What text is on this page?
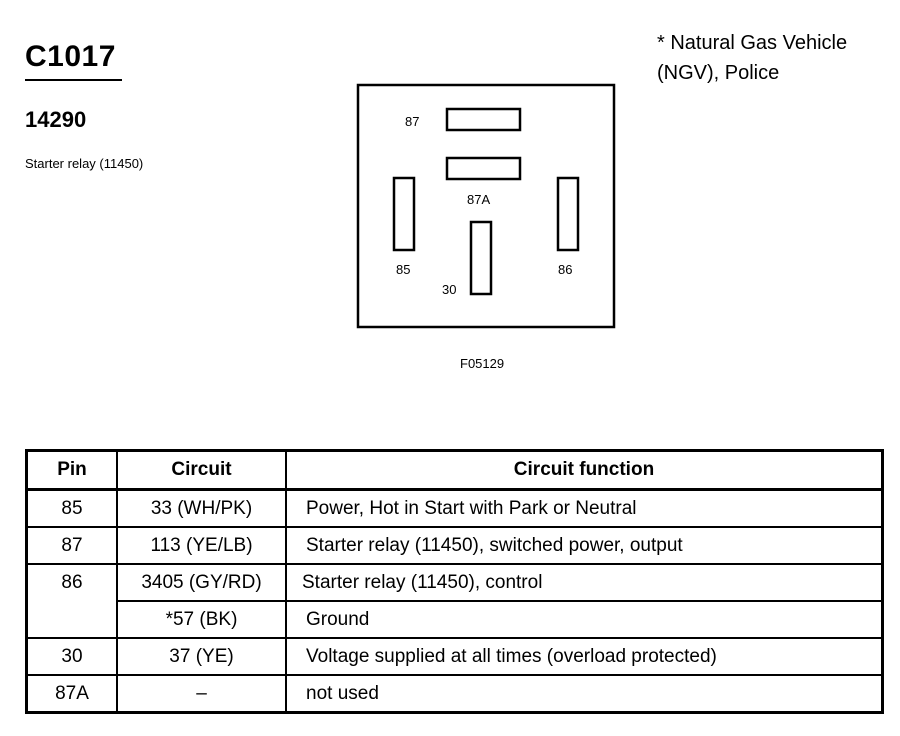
C1017
14290
Starter relay (11450)
* Natural Gas Vehicle
(NGV), Police
87
87A
85	86
30
F05129
Pin	Circuit	Circuit function
85	33 (WH/PK)	Power, Hot in Start with Park or Neutral
87	113 (YE/LB)	Starter relay (11450), switched power, output
86	3405 (GY/RD)	Starter relay (11450), control
	*57 (BK)	Ground
30	37 (YE)	Voltage supplied at all times (overload protected)
87A	–	not used
